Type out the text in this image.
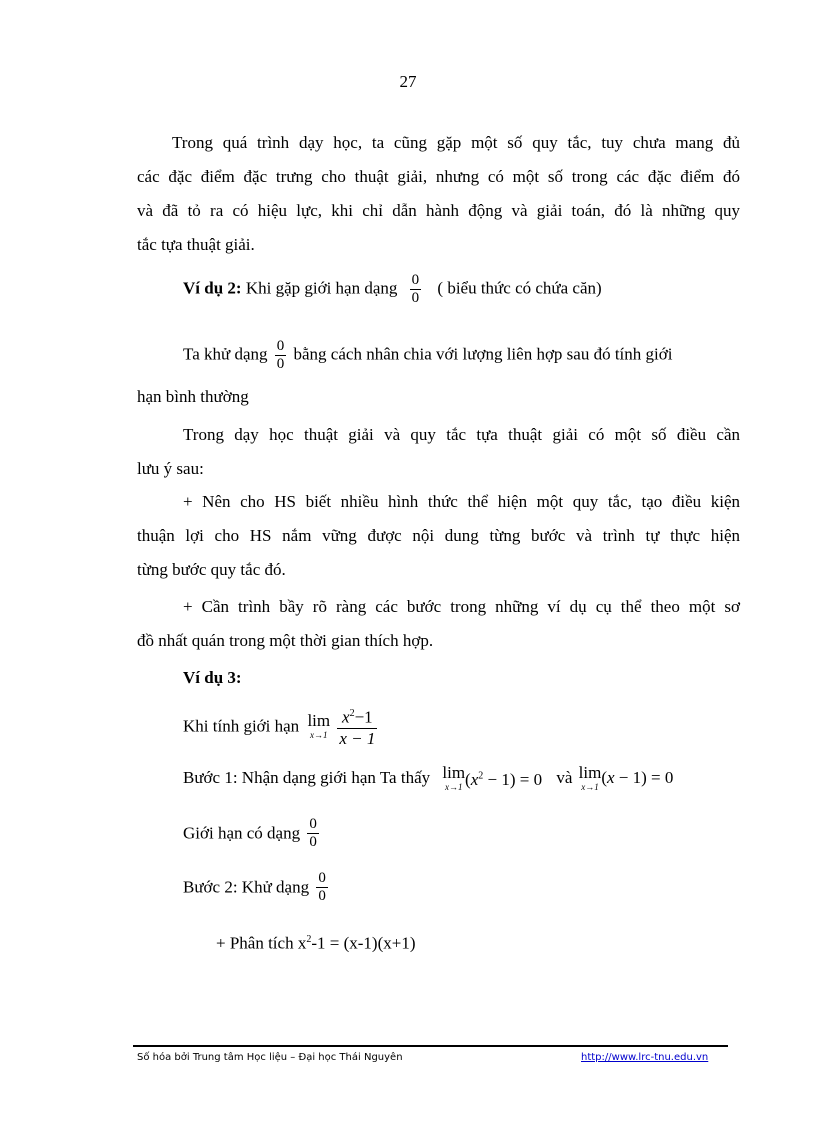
27
Trong quá trình dạy học, ta cũng gặp một số quy tắc, tuy chưa mang đủ
các đặc điểm đặc trưng cho thuật giải, nhưng có một số trong các đặc điểm đó
và đã tỏ ra có hiệu lực, khi chỉ dẫn hành động và giải toán, đó là những quy
tắc tựa thuật giải.
Ví dụ 2: Khi gặp giới hạn dạng $\frac{0}{0}$ ( biểu thức có chứa căn)
Ta khử dạng $\frac{0}{0}$ bằng cách nhân chia với lượng liên hợp sau đó tính giới
hạn bình thường
Trong dạy học thuật giải và quy tắc tựa thuật giải có một số điều cần
lưu ý sau:
+ Nên cho HS biết nhiều hình thức thể hiện một quy tắc, tạo điều kiện
thuận lợi cho HS nắm vững được nội dung từng bước và trình tự thực hiện
từng bước quy tắc đó.
+ Cần trình bầy rõ ràng các bước trong những ví dụ cụ thể theo một sơ
đồ nhất quán trong một thời gian thích hợp.
Ví dụ 3:
Khi tính giới hạn lim
x→1
$\frac{x^2-1}{x - 1}$
Bước 1: Nhận dạng giới hạn Ta thấy lim
x→1 $(x^2 - 1) = 0$ và lim
x→1 (x − 1) = 0
Giới hạn có dạng $\frac{0}{0}$
Bước 2: Khử dạng $\frac{0}{0}$
+ Phân tích $x^2-1 = (x-1)(x+1)$
Số hóa bởi Trung tâm Học liệu – Đại học Thái Nguyên	http://www.lrc-tnu.edu.vn
